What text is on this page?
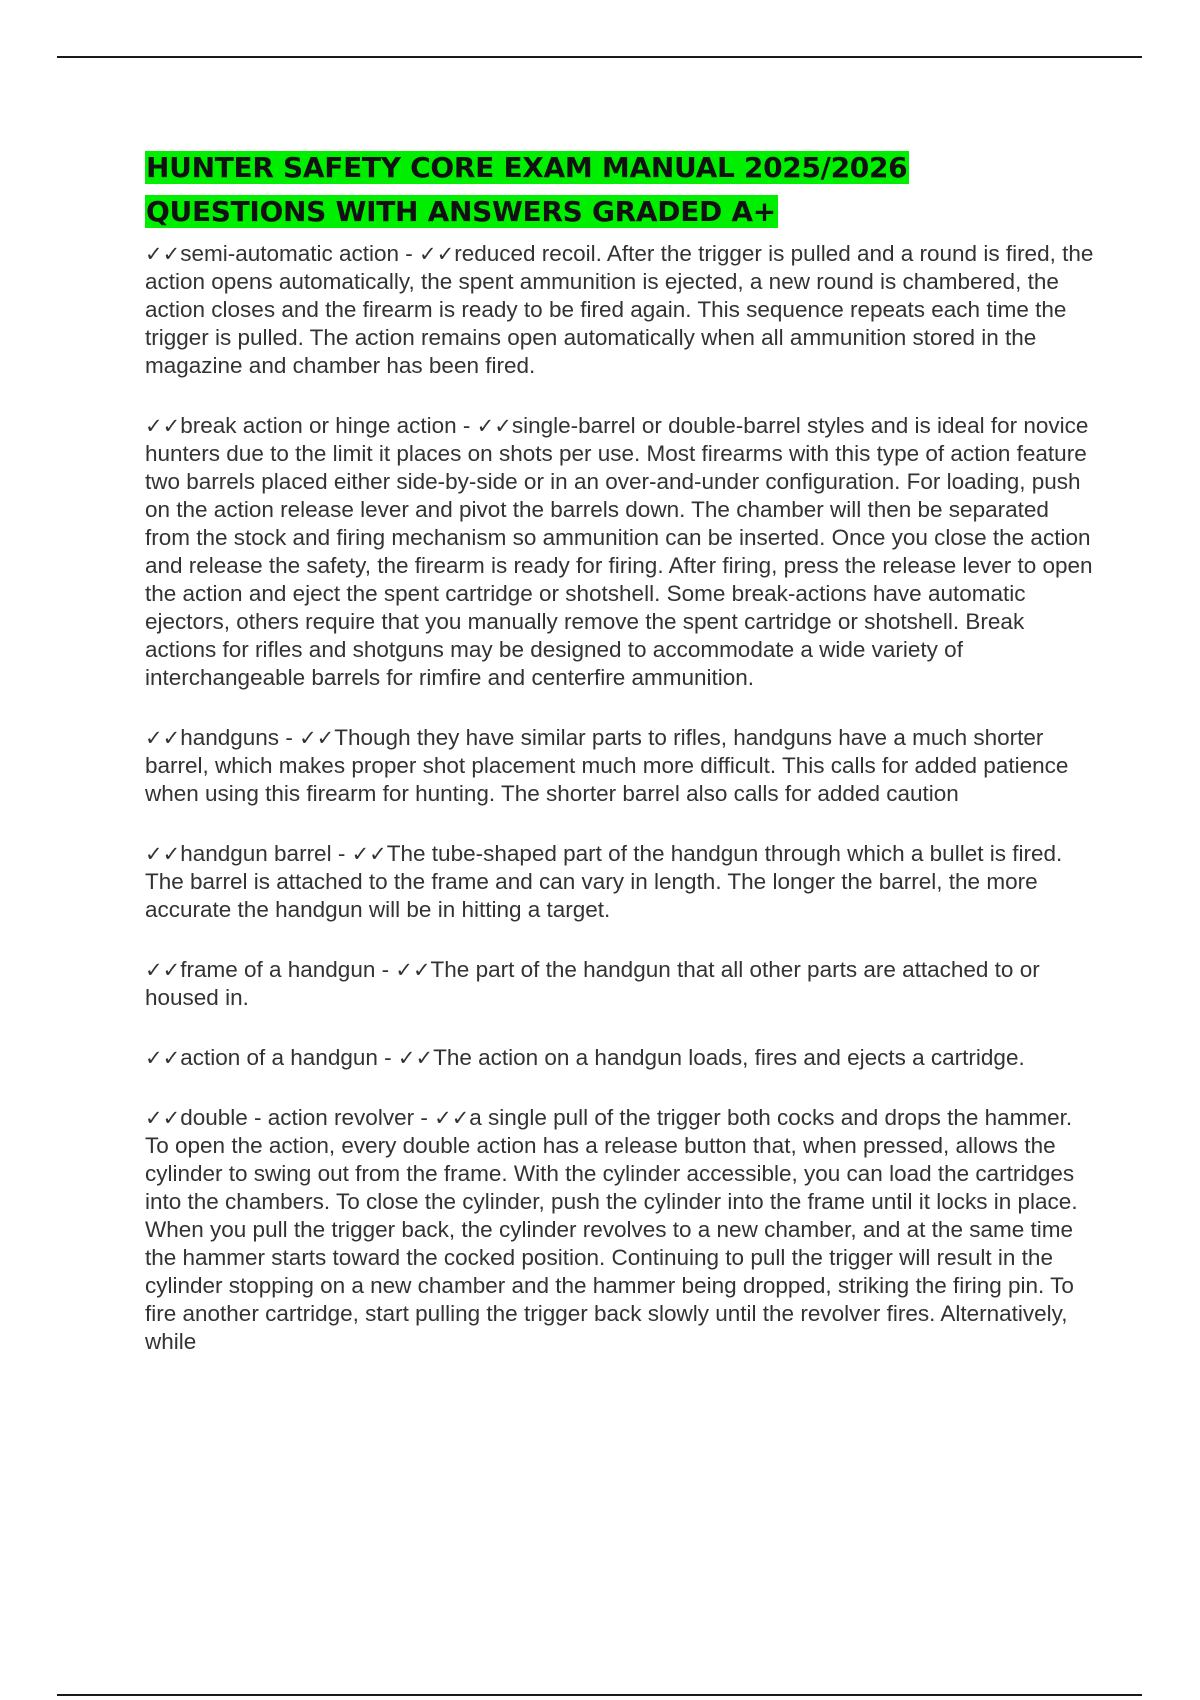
HUNTER SAFETY CORE EXAM MANUAL 2025/2026
QUESTIONS WITH ANSWERS GRADED A+

✓✓semi-automatic action - ✓✓reduced recoil. After the trigger is pulled and a round is fired, the action opens automatically, the spent ammunition is ejected, a new round is chambered, the action closes and the firearm is ready to be fired again. This sequence repeats each time the trigger is pulled. The action remains open automatically when all ammunition stored in the magazine and chamber has been fired.

✓✓break action or hinge action - ✓✓single-barrel or double-barrel styles and is ideal for novice hunters due to the limit it places on shots per use. Most firearms with this type of action feature two barrels placed either side-by-side or in an over-and-under configuration. For loading, push on the action release lever and pivot the barrels down. The chamber will then be separated from the stock and firing mechanism so ammunition can be inserted. Once you close the action and release the safety, the firearm is ready for firing. After firing, press the release lever to open the action and eject the spent cartridge or shotshell. Some break-actions have automatic ejectors, others require that you manually remove the spent cartridge or shotshell. Break actions for rifles and shotguns may be designed to accommodate a wide variety of interchangeable barrels for rimfire and centerfire ammunition.

✓✓handguns - ✓✓Though they have similar parts to rifles, handguns have a much shorter barrel, which makes proper shot placement much more difficult. This calls for added patience when using this firearm for hunting. The shorter barrel also calls for added caution

✓✓handgun barrel - ✓✓The tube-shaped part of the handgun through which a bullet is fired. The barrel is attached to the frame and can vary in length. The longer the barrel, the more accurate the handgun will be in hitting a target.

✓✓frame of a handgun - ✓✓The part of the handgun that all other parts are attached to or housed in.

✓✓action of a handgun - ✓✓The action on a handgun loads, fires and ejects a cartridge.

✓✓double - action revolver - ✓✓a single pull of the trigger both cocks and drops the hammer. To open the action, every double action has a release button that, when pressed, allows the cylinder to swing out from the frame. With the cylinder accessible, you can load the cartridges into the chambers. To close the cylinder, push the cylinder into the frame until it locks in place. When you pull the trigger back, the cylinder revolves to a new chamber, and at the same time the hammer starts toward the cocked position. Continuing to pull the trigger will result in the cylinder stopping on a new chamber and the hammer being dropped, striking the firing pin. To fire another cartridge, start pulling the trigger back slowly until the revolver fires. Alternatively, while
